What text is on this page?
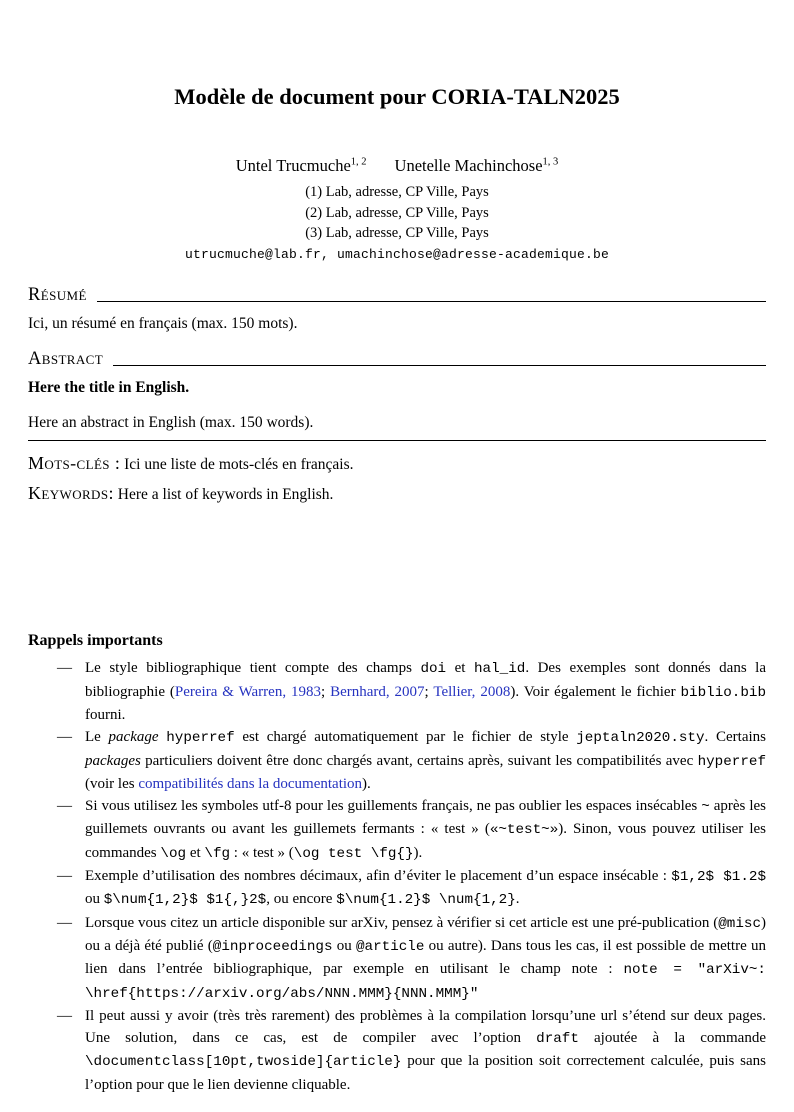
Modèle de document pour CORIA-TALN2025
Untel Trucmuche$^{1, 2}$ Unetelle Machinchose$^{1, 3}$
(1) Lab, adresse, CP Ville, Pays
(2) Lab, adresse, CP Ville, Pays
(3) Lab, adresse, CP Ville, Pays
utrucmuche@lab.fr, umachinchose@adresse-academique.be
Résumé

Ici, un résumé en français (max. 150 mots).

Abstract

Here the title in English.

Here an abstract in English (max. 150 words).

Mots-clés : Ici une liste de mots-clés en français.

Keywords: Here a list of keywords in English.

Rappels importants
— Le style bibliographique tient compte des champs doi et hal_id. Des exemples sont donnés dans la bibliographie (Pereira & Warren, 1983; Bernhard, 2007; Tellier, 2008). Voir également le fichier biblio.bib fourni.
— Le package hyperref est chargé automatiquement par le fichier de style jeptaln2020.sty. Certains packages particuliers doivent être donc chargés avant, certains après, suivant les compatibilités avec hyperref (voir les compatibilités dans la documentation).
— Si vous utilisez les symboles utf-8 pour les guillements français, ne pas oublier les espaces insécables ~ après les guillemets ouvrants ou avant les guillemets fermants : « test » («~test~»). Sinon, vous pouvez utiliser les commandes \og et \fg : « test » (\og test \fg{}).
— Exemple d’utilisation des nombres décimaux, afin d’éviter le placement d’un espace insécable : $1,2$ $1.2$ ou $\num{1,2}$ $1{,}2$, ou encore $\num{1.2}$ \num{1,2}.
— Lorsque vous citez un article disponible sur arXiv, pensez à vérifier si cet article est une pré-publication (@misc) ou a déjà été publié (@inproceedings ou @article ou autre). Dans tous les cas, il est possible de mettre un lien dans l’entrée bibliographique, par exemple en utilisant le champ note : note = "arXiv~: \href{https://arxiv.org/abs/NNN.MMM}{NNN.MMM}"
— Il peut aussi y avoir (très très rarement) des problèmes à la compilation lorsqu’une url s’étend sur deux pages. Une solution, dans ce cas, est de compiler avec l’option draft ajoutée à la commande \documentclass[10pt,twoside]{article} pour que la position soit correctement calculée, puis sans l’option pour que le lien devienne cliquable.
